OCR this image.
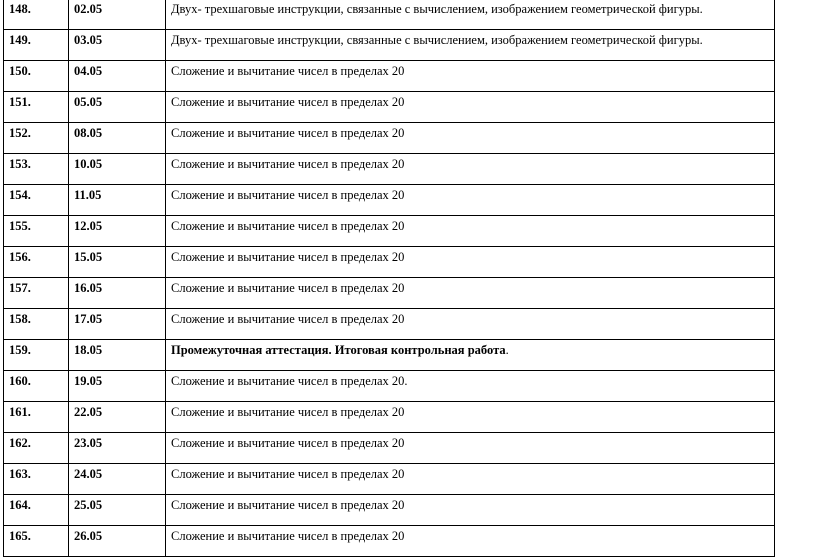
148.	02.05	Двух- трехшаговые инструкции, связанные с вычислением, изображением геометрической фигуры.
149.	03.05	Двух- трехшаговые инструкции, связанные с вычислением, изображением геометрической фигуры.
150.	04.05	Сложение и вычитание чисел в пределах 20
151.	05.05	Сложение и вычитание чисел в пределах 20
152.	08.05	Сложение и вычитание чисел в пределах 20
153.	10.05	Сложение и вычитание чисел в пределах 20
154.	11.05	Сложение и вычитание чисел в пределах 20
155.	12.05	Сложение и вычитание чисел в пределах 20
156.	15.05	Сложение и вычитание чисел в пределах 20
157.	16.05	Сложение и вычитание чисел в пределах 20
158.	17.05	Сложение и вычитание чисел в пределах 20
159.	18.05	Промежуточная аттестация. Итоговая контрольная работа.
160.	19.05	Сложение и вычитание чисел в пределах 20.
161.	22.05	Сложение и вычитание чисел в пределах 20
162.	23.05	Сложение и вычитание чисел в пределах 20
163.	24.05	Сложение и вычитание чисел в пределах 20
164.	25.05	Сложение и вычитание чисел в пределах 20
165.	26.05	Сложение и вычитание чисел в пределах 20
